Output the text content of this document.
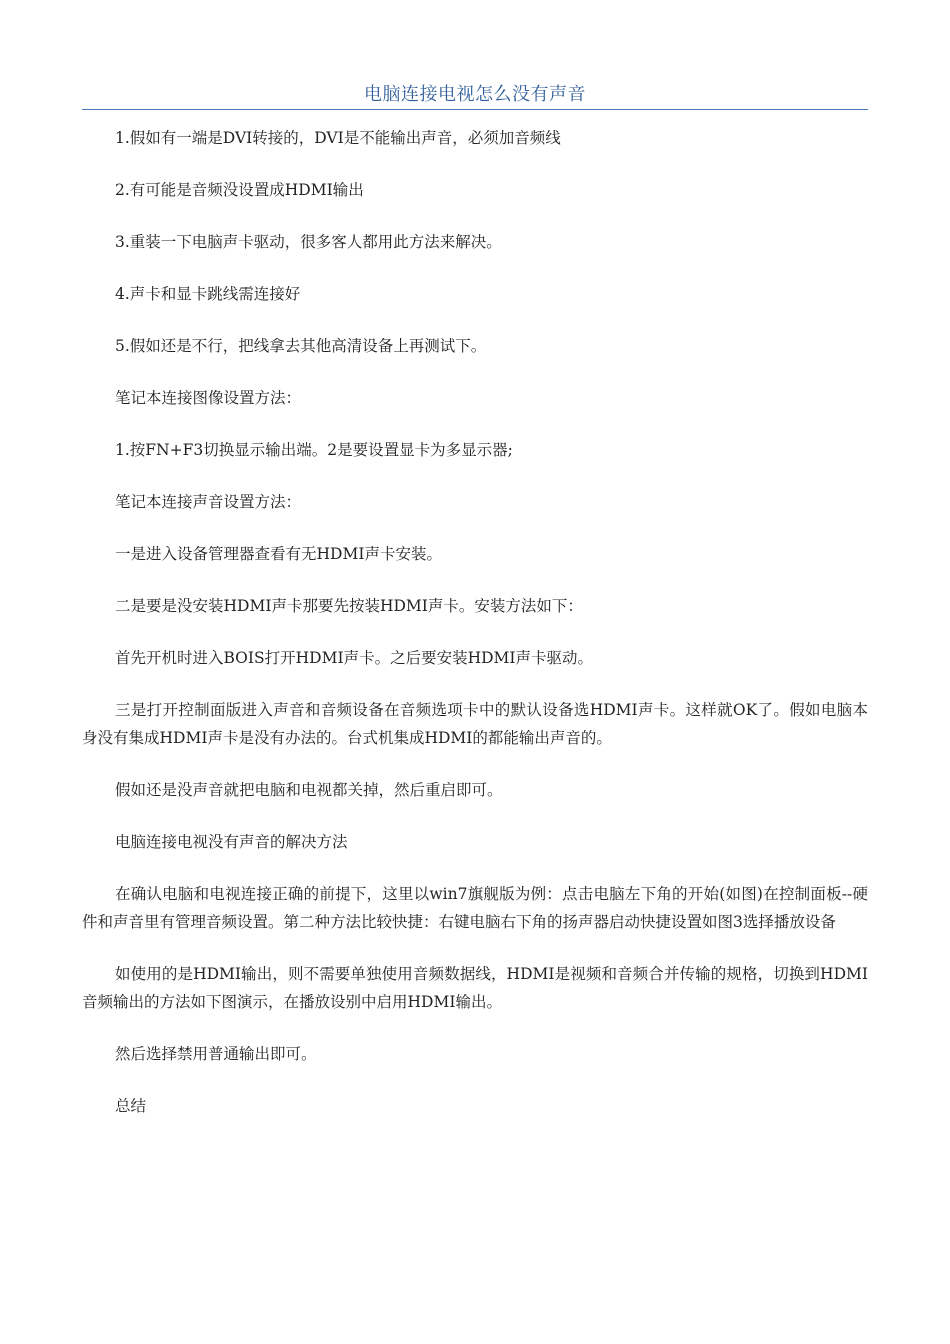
电脑连接电视怎么没有声音

1.假如有一端是DVI转接的，DVI是不能输出声音，必须加音频线

2.有可能是音频没设置成HDMI输出

3.重装一下电脑声卡驱动，很多客人都用此方法来解决。

4.声卡和显卡跳线需连接好

5.假如还是不行，把线拿去其他高清设备上再测试下。

笔记本连接图像设置方法：

1.按FN+F3切换显示输出端。2是要设置显卡为多显示器;

笔记本连接声音设置方法：

一是进入设备管理器查看有无HDMI声卡安装。

二是要是没安装HDMI声卡那要先按装HDMI声卡。安装方法如下：

首先开机时进入BOIS打开HDMI声卡。之后要安装HDMI声卡驱动。

三是打开控制面版进入声音和音频设备在音频选项卡中的默认设备选HDMI声卡。这样就OK了。假如电脑本身没有集成HDMI声卡是没有办法的。台式机集成HDMI的都能输出声音的。

假如还是没声音就把电脑和电视都关掉，然后重启即可。

电脑连接电视没有声音的解决方法

在确认电脑和电视连接正确的前提下，这里以win7旗舰版为例：点击电脑左下角的开始(如图)在控制面板--硬件和声音里有管理音频设置。第二种方法比较快捷：右键电脑右下角的扬声器启动快捷设置如图3选择播放设备

如使用的是HDMI输出，则不需要单独使用音频数据线，HDMI是视频和音频合并传输的规格，切换到HDMI音频输出的方法如下图演示，在播放设别中启用HDMI输出。

然后选择禁用普通输出即可。

总结
